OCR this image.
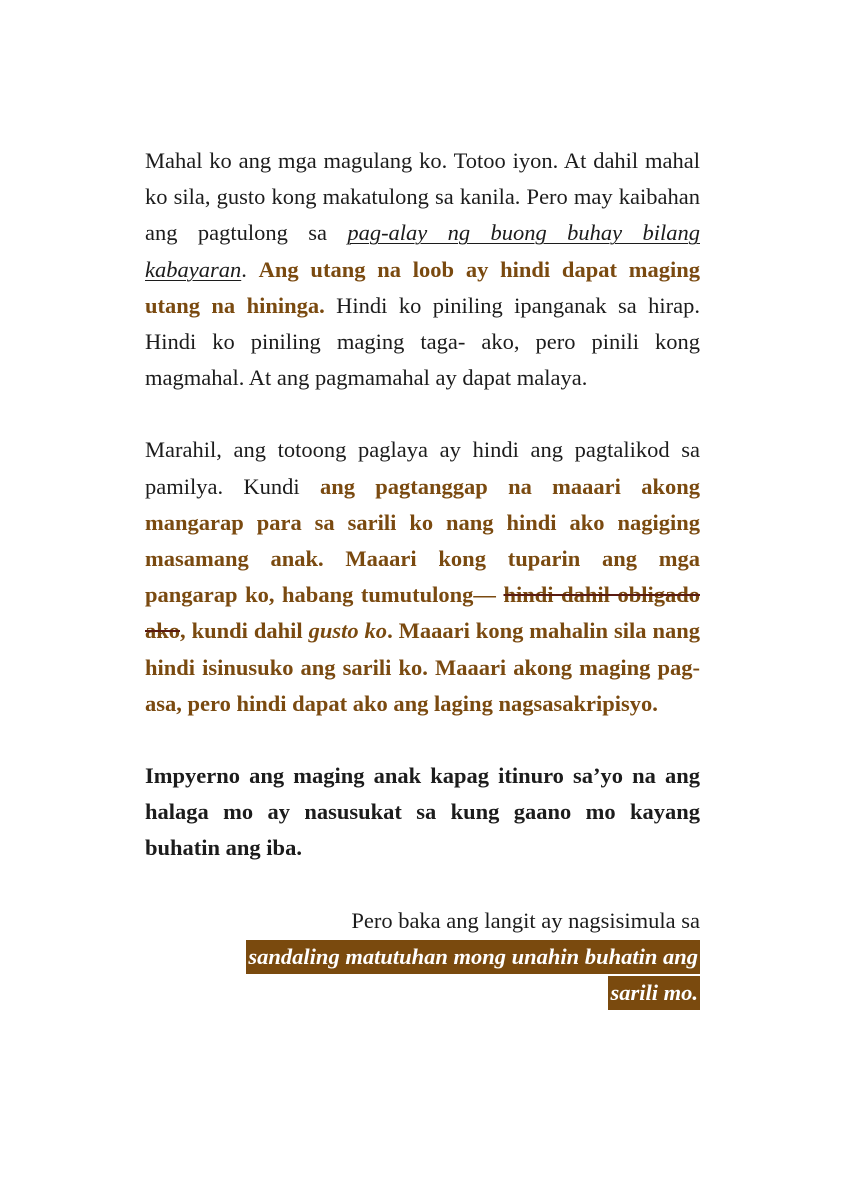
Mahal ko ang mga magulang ko. Totoo iyon. At dahil mahal ko sila, gusto kong makatulong sa kanila. Pero may kaibahan ang pagtulong sa pag-alay ng buong buhay bilang kabayaran. Ang utang na loob ay hindi dapat maging utang na hininga. Hindi ko piniling ipanganak sa hirap. Hindi ko piniling maging taga- ako, pero pinili kong magmahal. At ang pagmamahal ay dapat malaya.

Marahil, ang totoong paglaya ay hindi ang pagtalikod sa pamilya. Kundi ang pagtanggap na maaari akong mangarap para sa sarili ko nang hindi ako nagiging masamang anak. Maaari kong tuparin ang mga pangarap ko, habang tumutulong— hindi dahil obligado ako, kundi dahil gusto ko. Maaari kong mahalin sila nang hindi isinusuko ang sarili ko. Maaari akong maging pag-asa, pero hindi dapat ako ang laging nagsasakripisyo.

Impyerno ang maging anak kapag itinuro sa’yo na ang halaga mo ay nasusukat sa kung gaano mo kayang buhatin ang iba.

Pero baka ang langit ay nagsisimula sa
sandaling matutuhan mong unahin buhatin ang
sarili mo.
